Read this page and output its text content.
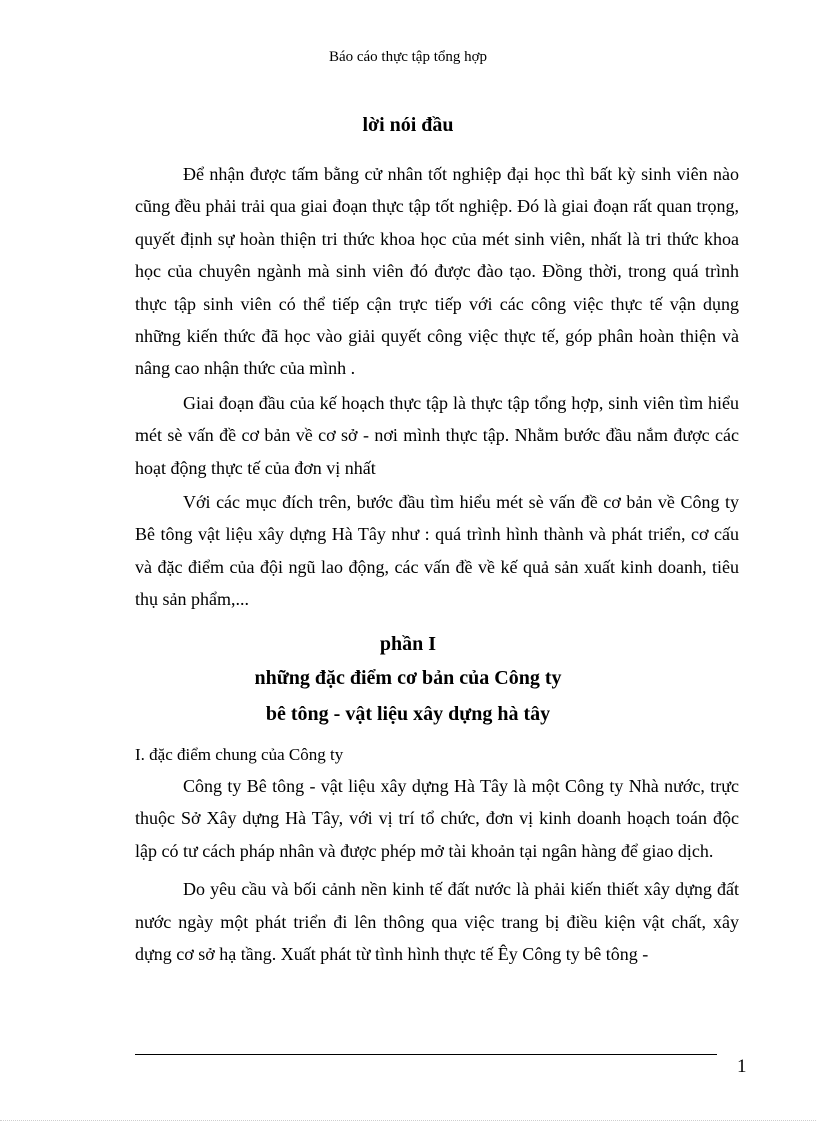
Báo cáo thực tập tổng hợp
lời nói đầu

Để nhận được tấm bằng cử nhân tốt nghiệp đại học thì bất kỳ sinh viên nào cũng đều phải trải qua giai đoạn thực tập tốt nghiệp. Đó là giai đoạn rất quan trọng, quyết định sự hoàn thiện tri thức khoa học của mét sinh viên, nhất là tri thức khoa học của chuyên ngành mà sinh viên đó được đào tạo. Đồng thời, trong quá trình thực tập sinh viên có thể tiếp cận trực tiếp với các công việc thực tế vận dụng những kiến thức đã học vào giải quyết công việc thực tế, góp phân hoàn thiện và nâng cao nhận thức của mình .

Giai đoạn đầu của kế hoạch thực tập là thực tập tổng hợp, sinh viên tìm hiểu mét sè vấn đề cơ bản về cơ sở - nơi mình thực tập. Nhằm bước đầu nắm được các hoạt động thực tế của đơn vị nhất

Với các mục đích trên, bước đầu tìm hiểu mét sè vấn đề cơ bản về Công ty Bê tông vật liệu xây dựng Hà Tây như : quá trình hình thành và phát triển, cơ cấu và đặc điểm của đội ngũ lao động, các vấn đề về kế quả sản xuất kinh doanh, tiêu thụ sản phẩm,...

phần I
những đặc điểm cơ bản của Công ty
bê tông - vật liệu xây dựng hà tây
I. đặc điểm chung của Công ty

Công ty Bê tông - vật liệu xây dựng Hà Tây là một Công ty Nhà nước, trực thuộc Sở Xây dựng Hà Tây, với vị trí tổ chức, đơn vị kinh doanh hoạch toán độc lập có tư cách pháp nhân và được phép mở tài khoản tại ngân hàng để giao dịch.

Do yêu cầu và bối cảnh nền kinh tế đất nước là phải kiến thiết xây dựng đất nước ngày một phát triển đi lên thông qua việc trang bị điều kiện vật chất, xây dựng cơ sở hạ tầng. Xuất phát từ tình hình thực tế Êy Công ty bê tông -

1
